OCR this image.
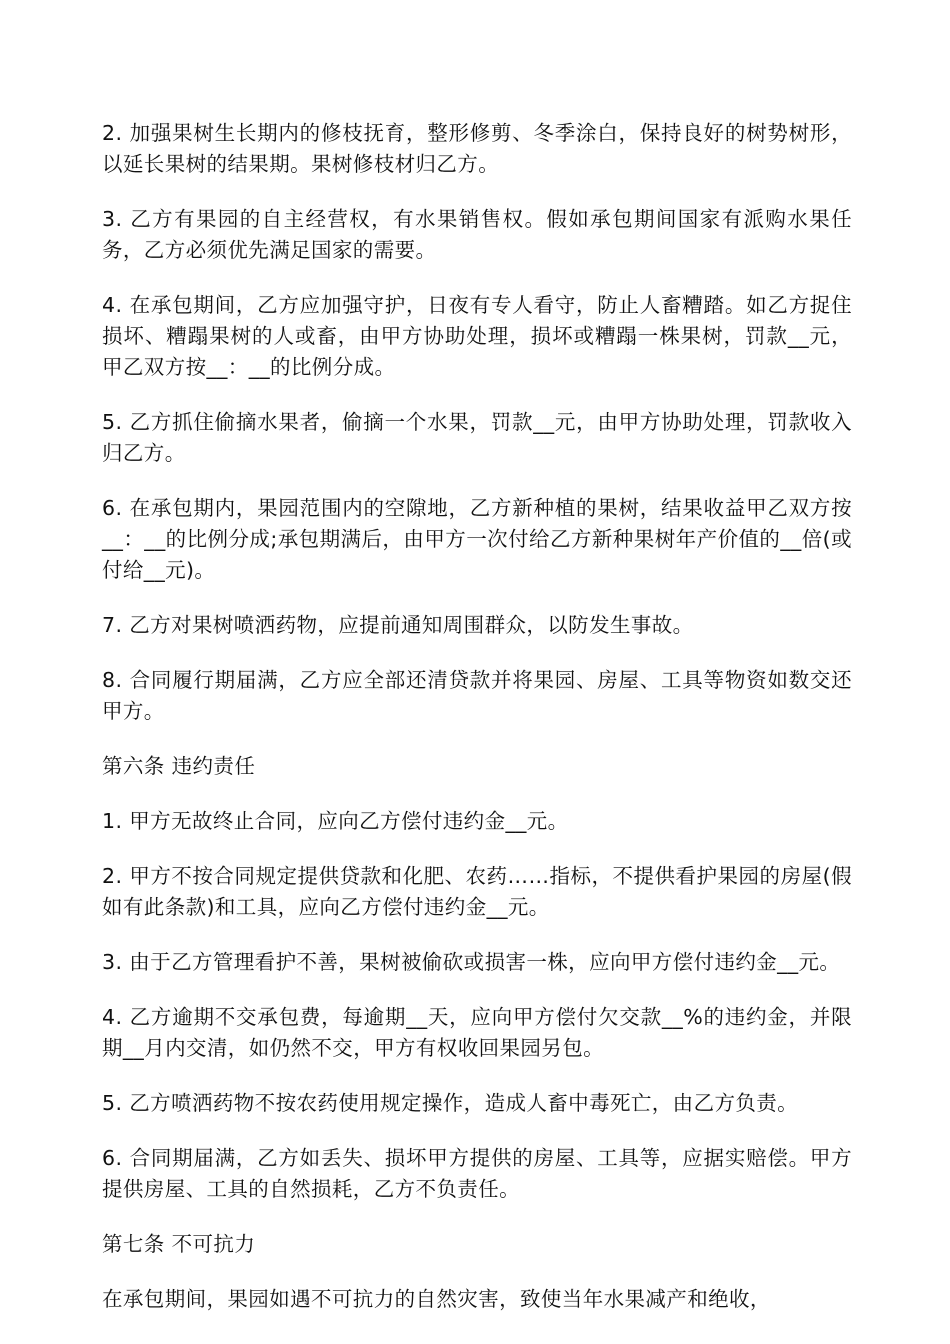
2. 加强果树生长期内的修枝抚育，整形修剪、冬季涂白，保持良好的树势树形，以延长果树的结果期。果树修枝材归乙方。

3. 乙方有果园的自主经营权，有水果销售权。假如承包期间国家有派购水果任务，乙方必须优先满足国家的需要。

4. 在承包期间，乙方应加强守护，日夜有专人看守，防止人畜糟踏。如乙方捉住损坏、糟蹋果树的人或畜，由甲方协助处理，损坏或糟蹋一株果树，罚款__元，甲乙双方按__：__的比例分成。

5. 乙方抓住偷摘水果者，偷摘一个水果，罚款__元，由甲方协助处理，罚款收入归乙方。

6. 在承包期内，果园范围内的空隙地，乙方新种植的果树，结果收益甲乙双方按__：__的比例分成;承包期满后，由甲方一次付给乙方新种果树年产价值的__倍(或付给__元)。

7. 乙方对果树喷洒药物，应提前通知周围群众，以防发生事故。

8. 合同履行期届满，乙方应全部还清贷款并将果园、房屋、工具等物资如数交还甲方。

第六条 违约责任

1. 甲方无故终止合同，应向乙方偿付违约金__元。

2. 甲方不按合同规定提供贷款和化肥、农药……指标，不提供看护果园的房屋(假如有此条款)和工具，应向乙方偿付违约金__元。

3. 由于乙方管理看护不善，果树被偷砍或损害一株，应向甲方偿付违约金__元。

4. 乙方逾期不交承包费，每逾期__天，应向甲方偿付欠交款__%的违约金，并限期__月内交清，如仍然不交，甲方有权收回果园另包。

5. 乙方喷洒药物不按农药使用规定操作，造成人畜中毒死亡，由乙方负责。

6. 合同期届满，乙方如丢失、损坏甲方提供的房屋、工具等，应据实赔偿。甲方提供房屋、工具的自然损耗，乙方不负责任。

第七条 不可抗力

在承包期间，果园如遇不可抗力的自然灾害，致使当年水果减产和绝收，
